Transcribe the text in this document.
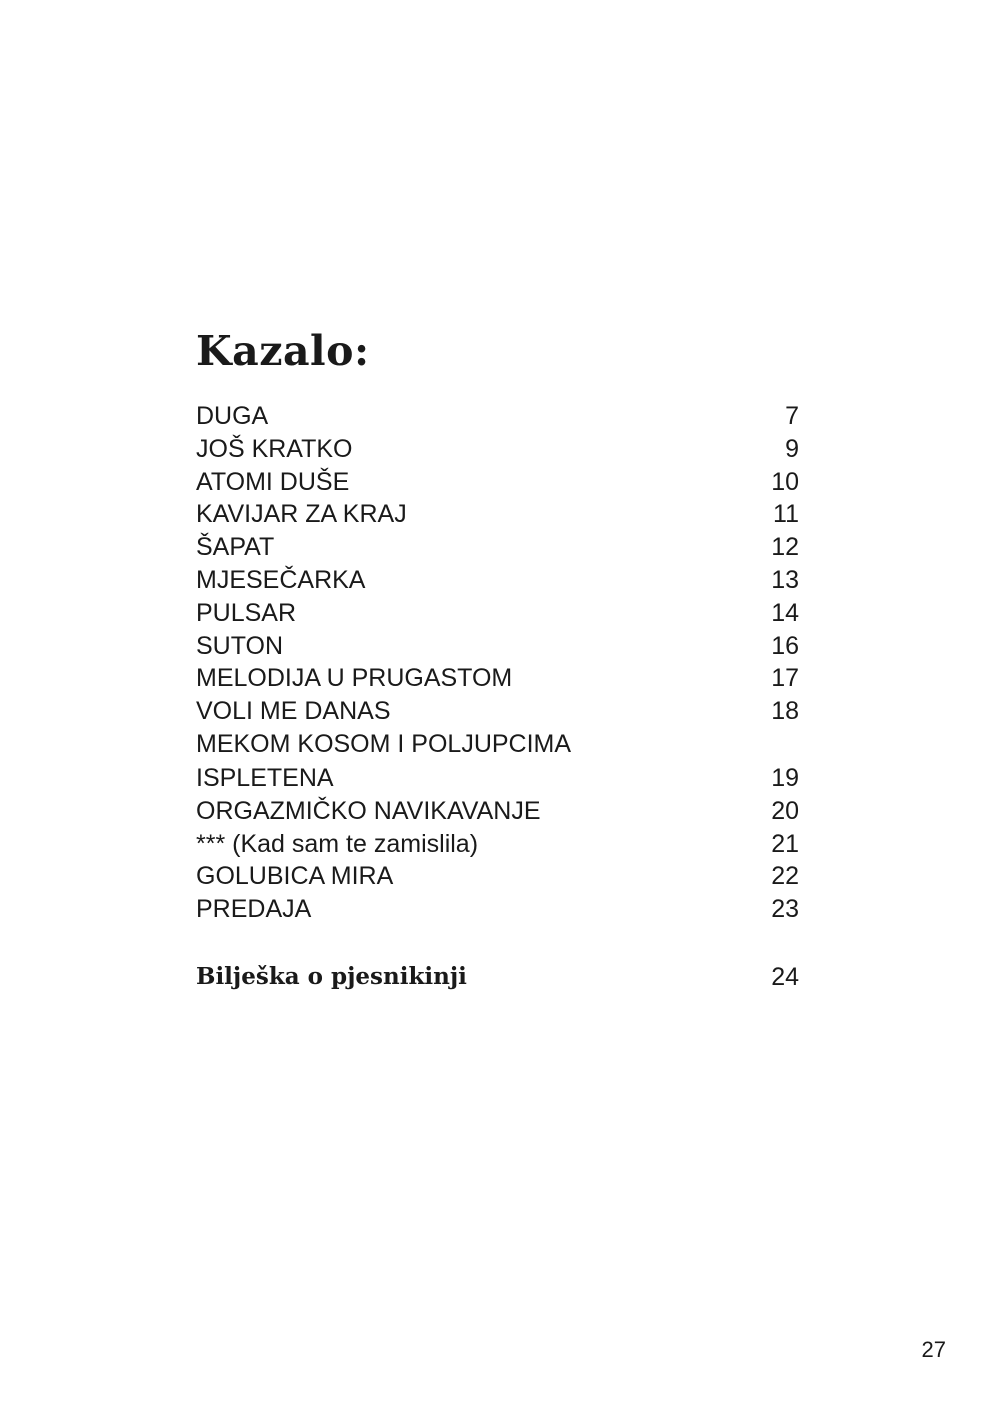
Kazalo:
DUGA	7
JOŠ KRATKO	9
ATOMI DUŠE	10
KAVIJAR ZA KRAJ	11
ŠAPAT	12
MJESEČARKA	13
PULSAR	14
SUTON	16
MELODIJA U PRUGASTOM	17
VOLI ME DANAS	18
MEKOM KOSOM I POLJUPCIMA
ISPLETENA	19
ORGAZMIČKO NAVIKAVANJE	20
*** (Kad sam te zamislila)	21
GOLUBICA MIRA	22
PREDAJA	23
Bilješka o pjesnikinji	24
27
